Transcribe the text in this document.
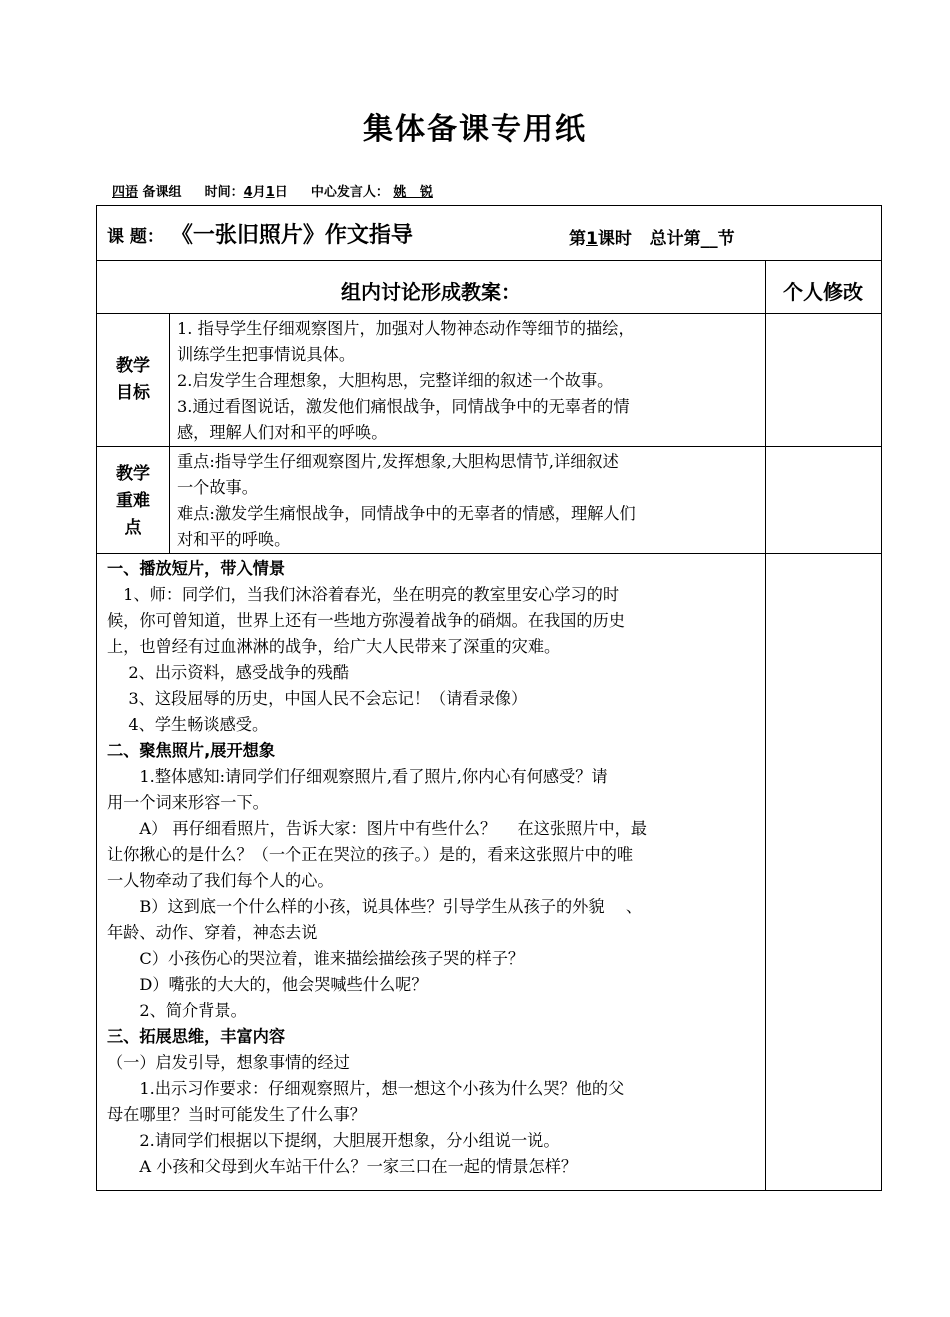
集体备课专用纸
四语 备课组 时间：4月1日 中心发言人： 姚   锐
课 题： 《一张旧照片》作文指导	第1课时 总计第__节
组内讨论形成教案：	个人修改
教学
目标

1. 指导学生仔细观察图片，加强对人物神态动作等细节的描绘，

训练学生把事情说具体。

2.启发学生合理想象，大胆构思，完整详细的叙述一个故事。

3.通过看图说话，激发他们痛恨战争，同情战争中的无辜者的情

感，理解人们对和平的呼唤。

教学
重难
点

重点:指导学生仔细观察图片,发挥想象,大胆构思情节,详细叙述

一个故事。

难点:激发学生痛恨战争，同情战争中的无辜者的情感，理解人们

对和平的呼唤。

一、播放短片，带入情景

　1、师：同学们，当我们沐浴着春光，坐在明亮的教室里安心学习的时

候，你可曾知道，世界上还有一些地方弥漫着战争的硝烟。在我国的历史

上，也曾经有过血淋淋的战争，给广大人民带来了深重的灾难。

　 2、出示资料，感受战争的残酷

　 3、这段屈辱的历史，中国人民不会忘记！（请看录像）

　 4、学生畅谈感受。

二、聚焦照片,展开想象

　　1.整体感知:请同学们仔细观察照片,看了照片,你内心有何感受？请

用一个词来形容一下。

　　A） 再仔细看照片，告诉大家：图片中有些什么？　 在这张照片中，最

让你揪心的是什么？（一个正在哭泣的孩子。）是的，看来这张照片中的唯

一人物牵动了我们每个人的心。

　　B）这到底一个什么样的小孩，说具体些？引导学生从孩子的外貌　 、

年龄、动作、穿着，神态去说

　　C）小孩伤心的哭泣着，谁来描绘描绘孩子哭的样子？

　　D）嘴张的大大的，他会哭喊些什么呢？

　　2、简介背景。

三、拓展思维，丰富内容

（一）启发引导，想象事情的经过

　　1.出示习作要求：仔细观察照片，想一想这个小孩为什么哭？他的父

母在哪里？当时可能发生了什么事？

　　2.请同学们根据以下提纲，大胆展开想象，分小组说一说。

　　A 小孩和父母到火车站干什么？一家三口在一起的情景怎样？
